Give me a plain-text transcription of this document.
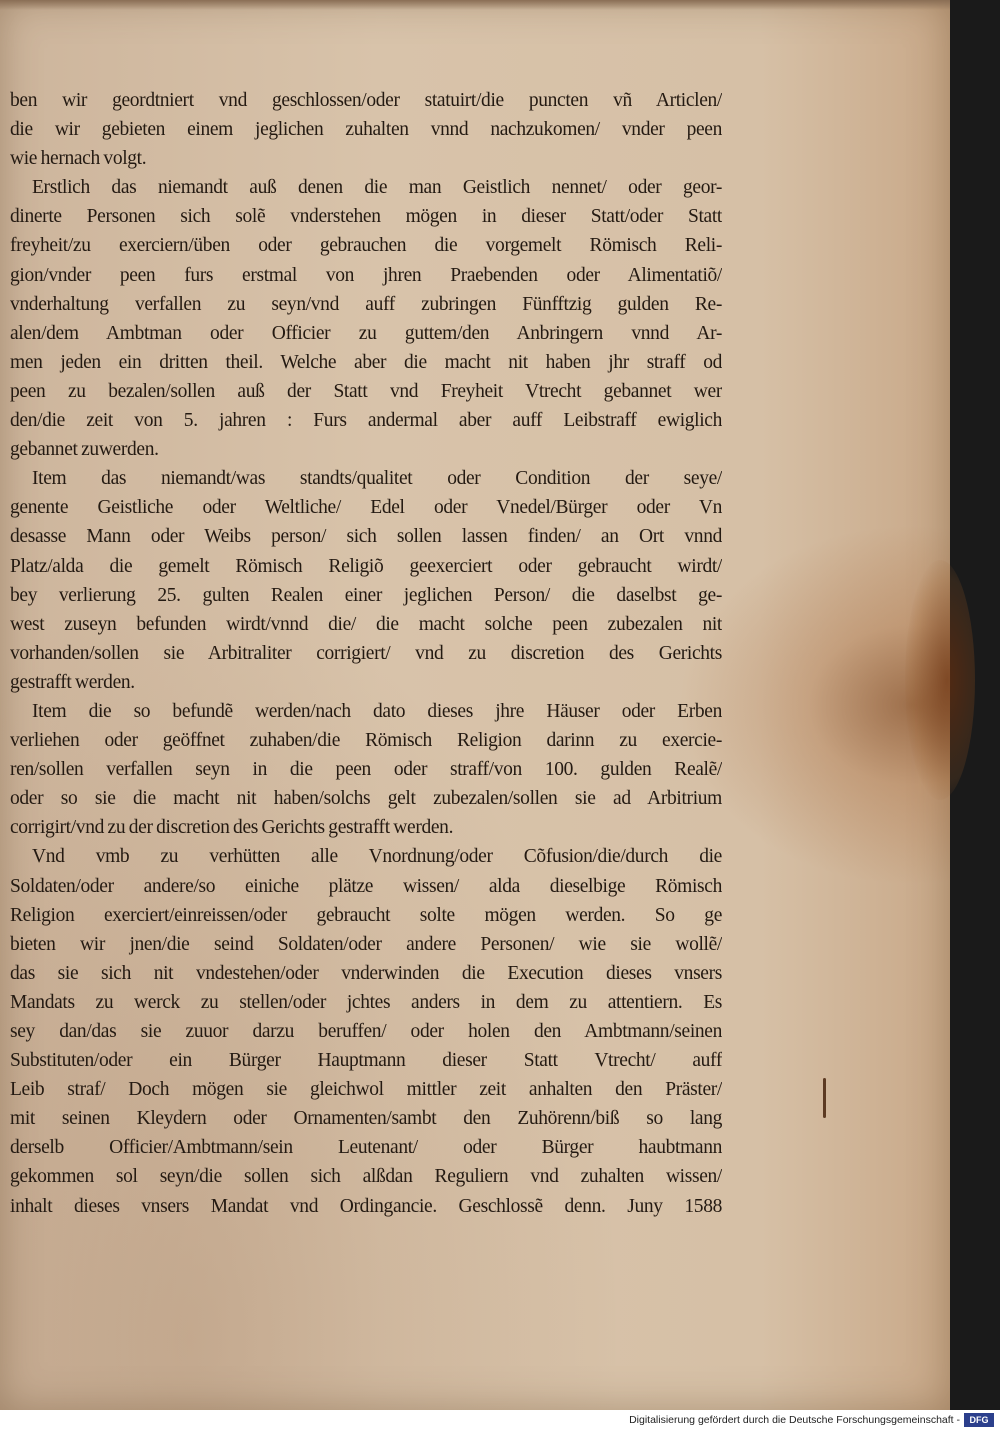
ben wir geordtniert vnd geschlossen/oder statuirt/die puncten vñ Articlen/
die wir gebieten einem jeglichen zuhalten vnnd nachzukomen/ vnder peen
wie hernach volgt.
Erstlich das niemandt auß denen die man Geistlich nennet/ oder geor-
dinerte Personen sich solẽ vnderstehen mögen in dieser Statt/oder Statt
freyheit/zu exerciern/üben oder gebrauchen die vorgemelt Römisch Reli-
gion/vnder peen furs erstmal von jhren Praebenden oder Alimentatiõ/
vnderhaltung verfallen zu seyn/vnd auff zubringen Fünfftzig gulden Re-
alen/dem Ambtman oder Officier zu guttem/den Anbringern vnnd Ar-
men jeden ein dritten theil. Welche aber die macht nit haben jhr straff od
peen zu bezalen/sollen auß der Statt vnd Freyheit Vtrecht gebannet wer
den/die zeit von 5. jahren : Furs andermal aber auff Leibstraff ewiglich
gebannet zuwerden.
Item das niemandt/was standts/qualitet oder Condition der seye/
genente Geistliche oder Weltliche/ Edel oder Vnedel/Bürger oder Vn
desasse Mann oder Weibs person/ sich sollen lassen finden/ an Ort vnnd
Platz/alda die gemelt Römisch Religiõ geexerciert oder gebraucht wirdt/
bey verlierung 25. gulten Realen einer jeglichen Person/ die daselbst ge-
west zuseyn befunden wirdt/vnnd die/ die macht solche peen zubezalen nit
vorhanden/sollen sie Arbitraliter corrigiert/ vnd zu discretion des Gerichts
gestrafft werden.
Item die so befundẽ werden/nach dato dieses jhre Häuser oder Erben
verliehen oder geöffnet zuhaben/die Römisch Religion darinn zu exercie-
ren/sollen verfallen seyn in die peen oder straff/von 100. gulden Realẽ/
oder so sie die macht nit haben/solchs gelt zubezalen/sollen sie ad Arbitrium
corrigirt/vnd zu der discretion des Gerichts gestrafft werden.
Vnd vmb zu verhütten alle Vnordnung/oder Cõfusion/die/durch die
Soldaten/oder andere/so einiche plätze wissen/ alda dieselbige Römisch
Religion exerciert/einreissen/oder gebraucht solte mögen werden. So ge
bieten wir jnen/die seind Soldaten/oder andere Personen/ wie sie wollẽ/
das sie sich nit vndestehen/oder vnderwinden die Execution dieses vnsers
Mandats zu werck zu stellen/oder jchtes anders in dem zu attentiern. Es
sey dan/das sie zuuor darzu beruffen/ oder holen den Ambtmann/seinen
Substituten/oder ein Bürger Hauptmann dieser Statt Vtrecht/ auff
Leib straf/ Doch mögen sie gleichwol mittler zeit anhalten den Präster/
mit seinen Kleydern oder Ornamenten/sambt den Zuhörenn/biß so lang
derselb Officier/Ambtmann/sein Leutenant/ oder Bürger haubtmann
gekommen sol seyn/die sollen sich alßdan Reguliern vnd zuhalten wissen/
inhalt dieses vnsers Mandat vnd Ordingancie. Geschlossẽ denn. Juny 1588
Digitalisierung gefördert durch die Deutsche Forschungsgemeinschaft -	DFG
